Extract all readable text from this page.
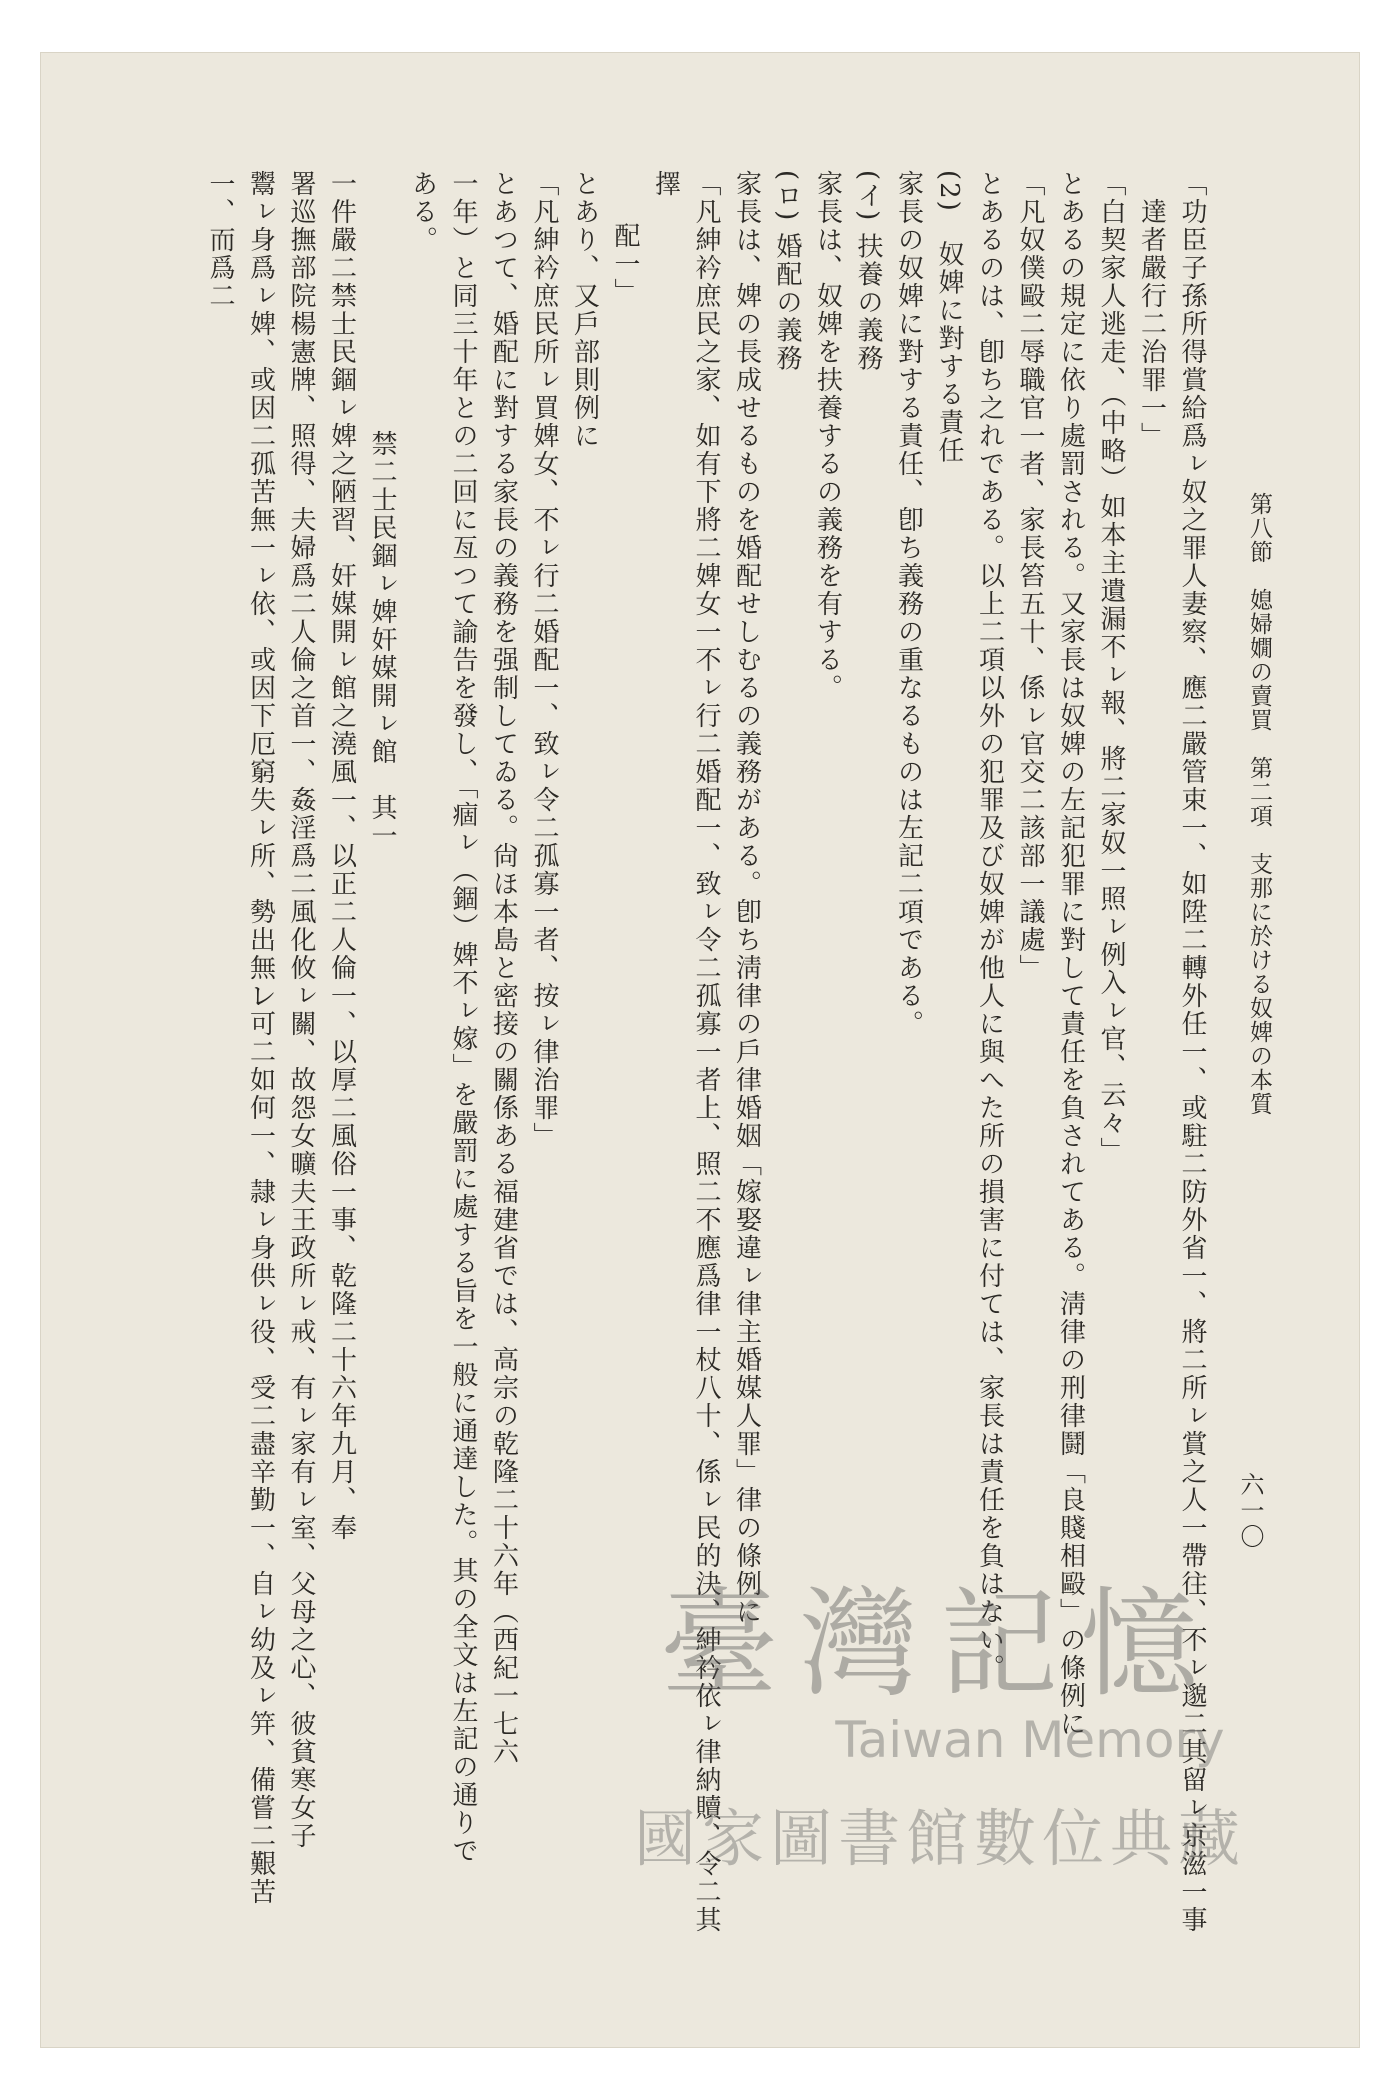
第八節　媳婦嫺の賣買　第二項　支那に於ける奴婢の本質
六一〇

「功臣子孫所得賞給爲ㇾ奴之罪人妻察、應㆓嚴管束㆒、如陞㆓轉外任㆒、或駐㆓防外省㆒、將㆓所ㇾ賞之人㆒帶往、不ㇾ邈㆓其留ㇾ京滋㆒事

達者嚴行㆓治罪㆒」

「白契家人逃走、（中略）如本主遺漏不ㇾ報、將㆓家奴㆒照ㇾ例入ㇾ官、云々」

とあるの規定に依り處罰される。又家長は奴婢の左記犯罪に對して責任を負されてある。淸律の刑律鬪「良賤相毆」の條例に

「凡奴僕毆㆓辱職官㆒者、家長笞五十、係ㇾ官交㆓該部㆒議處」

とあるのは、卽ち之れである。以上二項以外の犯罪及び奴婢が他人に與へた所の損害に付ては、家長は責任を負はない。

(2)　奴婢に對する責任

家長の奴婢に對する責任、卽ち義務の重なるものは左記二項である。

(イ) 扶養の義務

家長は、奴婢を扶養するの義務を有する。

(ロ) 婚配の義務

家長は、婢の長成せるものを婚配せしむるの義務がある。卽ち淸律の戶律婚姻「嫁娶違ㇾ律主婚媒人罪」律の條例に

「凡紳衿庶民之家、如有㆘將㆓婢女㆒不ㇾ行㆓婚配㆒、致ㇾ令㆓孤寡㆒者㆖、照㆓不應爲律㆒杖八十、係ㇾ民的決、紳衿依ㇾ律納贖、令㆓其擇

配㆒」

とあり、又戶部則例に

「凡紳衿庶民所ㇾ買婢女、不ㇾ行㆓婚配㆒、致ㇾ令㆓孤寡㆒者、按ㇾ律治罪」

とあつて、婚配に對する家長の義務を强制してゐる。尙ほ本島と密接の關係ある福建省では、高宗の乾隆二十六年（西紀一七六

一年）と同三十年との二回に亙つて諭告を發し、「痼ㇾ（錮）婢不ㇾ嫁」を嚴罰に處する旨を一般に通達した。其の全文は左記の通りで

ある。

禁㆓士民錮ㇾ婢奸媒開ㇾ館　其一

一件嚴㆓禁士民錮ㇾ婢之陋習、奸媒開ㇾ館之澆風㆒、以正㆓人倫㆒、以厚㆓風俗㆒事、乾隆二十六年九月、奉

署巡撫部院楊憲牌、照得、夫婦爲㆓人倫之首㆒、姦淫爲㆓風化攸ㇾ關、故怨女曠夫王政所ㇾ戒、有ㇾ家有ㇾ室、父母之心、彼貧寒女子

鬻ㇾ身爲ㇾ婢、或因㆓孤苦無㆒ㇾ依、或因㆘厄窮失ㇾ所、勢出無㆑可㆓如何㆒、隷ㇾ身供ㇾ役、受㆓盡辛勤㆒、自ㇾ幼及ㇾ笄、備嘗㆓艱苦㆒、而爲㆓

臺灣記憶
Taiwan Memory
國家圖書館數位典藏
